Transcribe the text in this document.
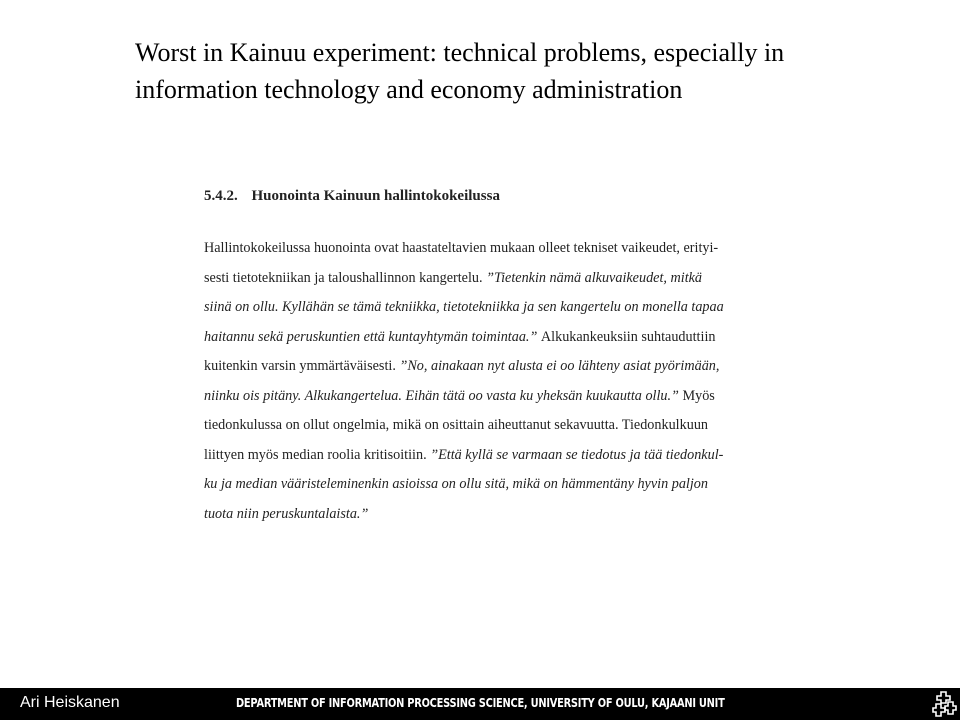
Worst in Kainuu experiment: technical problems, especially in information technology and economy administration
5.4.2. Huonointa Kainuun hallintokokeilussa
Hallintokokeilussa huonointa ovat haastateltavien mukaan olleet tekniset vaikeudet, erityi-
sesti tietotekniikan ja taloushallinnon kangertelu. ”Tietenkin nämä alkuvaikeudet, mitkä
siinä on ollu. Kyllähän se tämä tekniikka, tietotekniikka ja sen kangertelu on monella tapaa
haitannu sekä peruskuntien että kuntayhtymän toimintaa.” Alkukankeuksiin suhtauduttiin
kuitenkin varsin ymmärtäväisesti. ”No, ainakaan nyt alusta ei oo lähteny asiat pyörimään,
niinku ois pitäny. Alkukangertelua. Eihän tätä oo vasta ku yheksän kuukautta ollu.” Myös
tiedonkulussa on ollut ongelmia, mikä on osittain aiheuttanut sekavuutta. Tiedonkulkuun
liittyen myös median roolia kritisoitiin. ”Että kyllä se varmaan se tiedotus ja tää tiedonkul-
ku ja median vääristeleminenkin asioissa on ollu sitä, mikä on hämmentäny hyvin paljon
tuota niin peruskuntalaista.”
Ari Heiskanen	DEPARTMENT OF INFORMATION PROCESSING SCIENCE, UNIVERSITY OF OULU, KAJAANI UNIT
